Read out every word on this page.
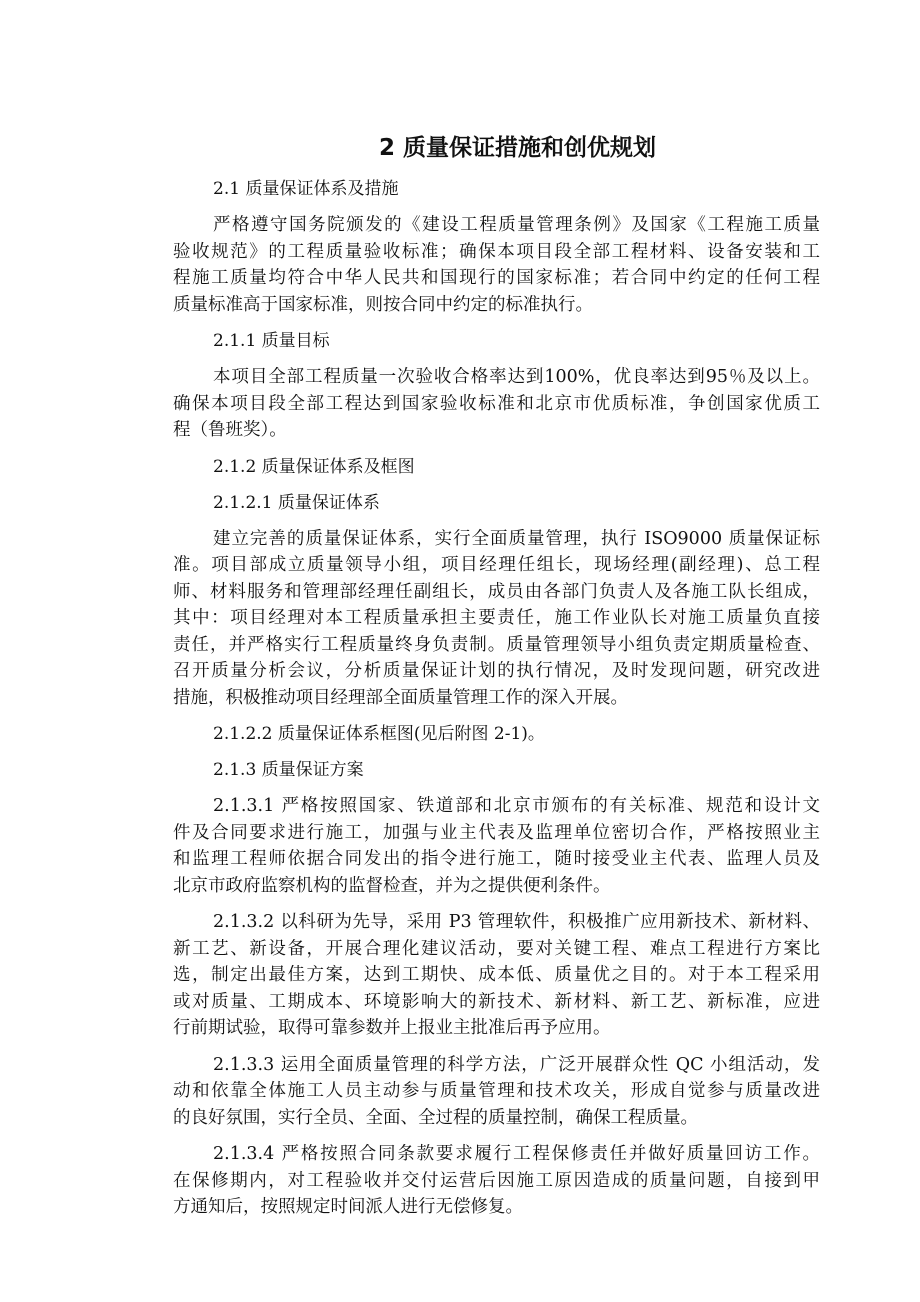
2 质量保证措施和创优规划
2.1 质量保证体系及措施
严格遵守国务院颁发的《建设工程质量管理条例》及国家《工程施工质量
验收规范》的工程质量验收标准；确保本项目段全部工程材料、设备安装和工
程施工质量均符合中华人民共和国现行的国家标准；若合同中约定的任何工程
质量标准高于国家标准，则按合同中约定的标准执行。
2.1.1 质量目标
本项目全部工程质量一次验收合格率达到100%，优良率达到95％及以上。
确保本项目段全部工程达到国家验收标准和北京市优质标准，争创国家优质工
程（鲁班奖）。
2.1.2 质量保证体系及框图
2.1.2.1 质量保证体系
建立完善的质量保证体系，实行全面质量管理，执行 ISO9000 质量保证标
准。项目部成立质量领导小组，项目经理任组长，现场经理(副经理)、总工程
师、材料服务和管理部经理任副组长，成员由各部门负责人及各施工队长组成，
其中：项目经理对本工程质量承担主要责任，施工作业队长对施工质量负直接
责任，并严格实行工程质量终身负责制。质量管理领导小组负责定期质量检查、
召开质量分析会议，分析质量保证计划的执行情况，及时发现问题，研究改进
措施，积极推动项目经理部全面质量管理工作的深入开展。
2.1.2.2 质量保证体系框图(见后附图 2-1)。
2.1.3 质量保证方案
2.1.3.1 严格按照国家、铁道部和北京市颁布的有关标准、规范和设计文
件及合同要求进行施工，加强与业主代表及监理单位密切合作，严格按照业主
和监理工程师依据合同发出的指令进行施工，随时接受业主代表、监理人员及
北京市政府监察机构的监督检查，并为之提供便利条件。
2.1.3.2 以科研为先导，采用 P3 管理软件，积极推广应用新技术、新材料、
新工艺、新设备，开展合理化建议活动，要对关键工程、难点工程进行方案比
选，制定出最佳方案，达到工期快、成本低、质量优之目的。对于本工程采用
或对质量、工期成本、环境影响大的新技术、新材料、新工艺、新标准，应进
行前期试验，取得可靠参数并上报业主批准后再予应用。
2.1.3.3 运用全面质量管理的科学方法，广泛开展群众性 QC 小组活动，发
动和依靠全体施工人员主动参与质量管理和技术攻关，形成自觉参与质量改进
的良好氛围，实行全员、全面、全过程的质量控制，确保工程质量。
2.1.3.4 严格按照合同条款要求履行工程保修责任并做好质量回访工作。
在保修期内，对工程验收并交付运营后因施工原因造成的质量问题，自接到甲
方通知后，按照规定时间派人进行无偿修复。
